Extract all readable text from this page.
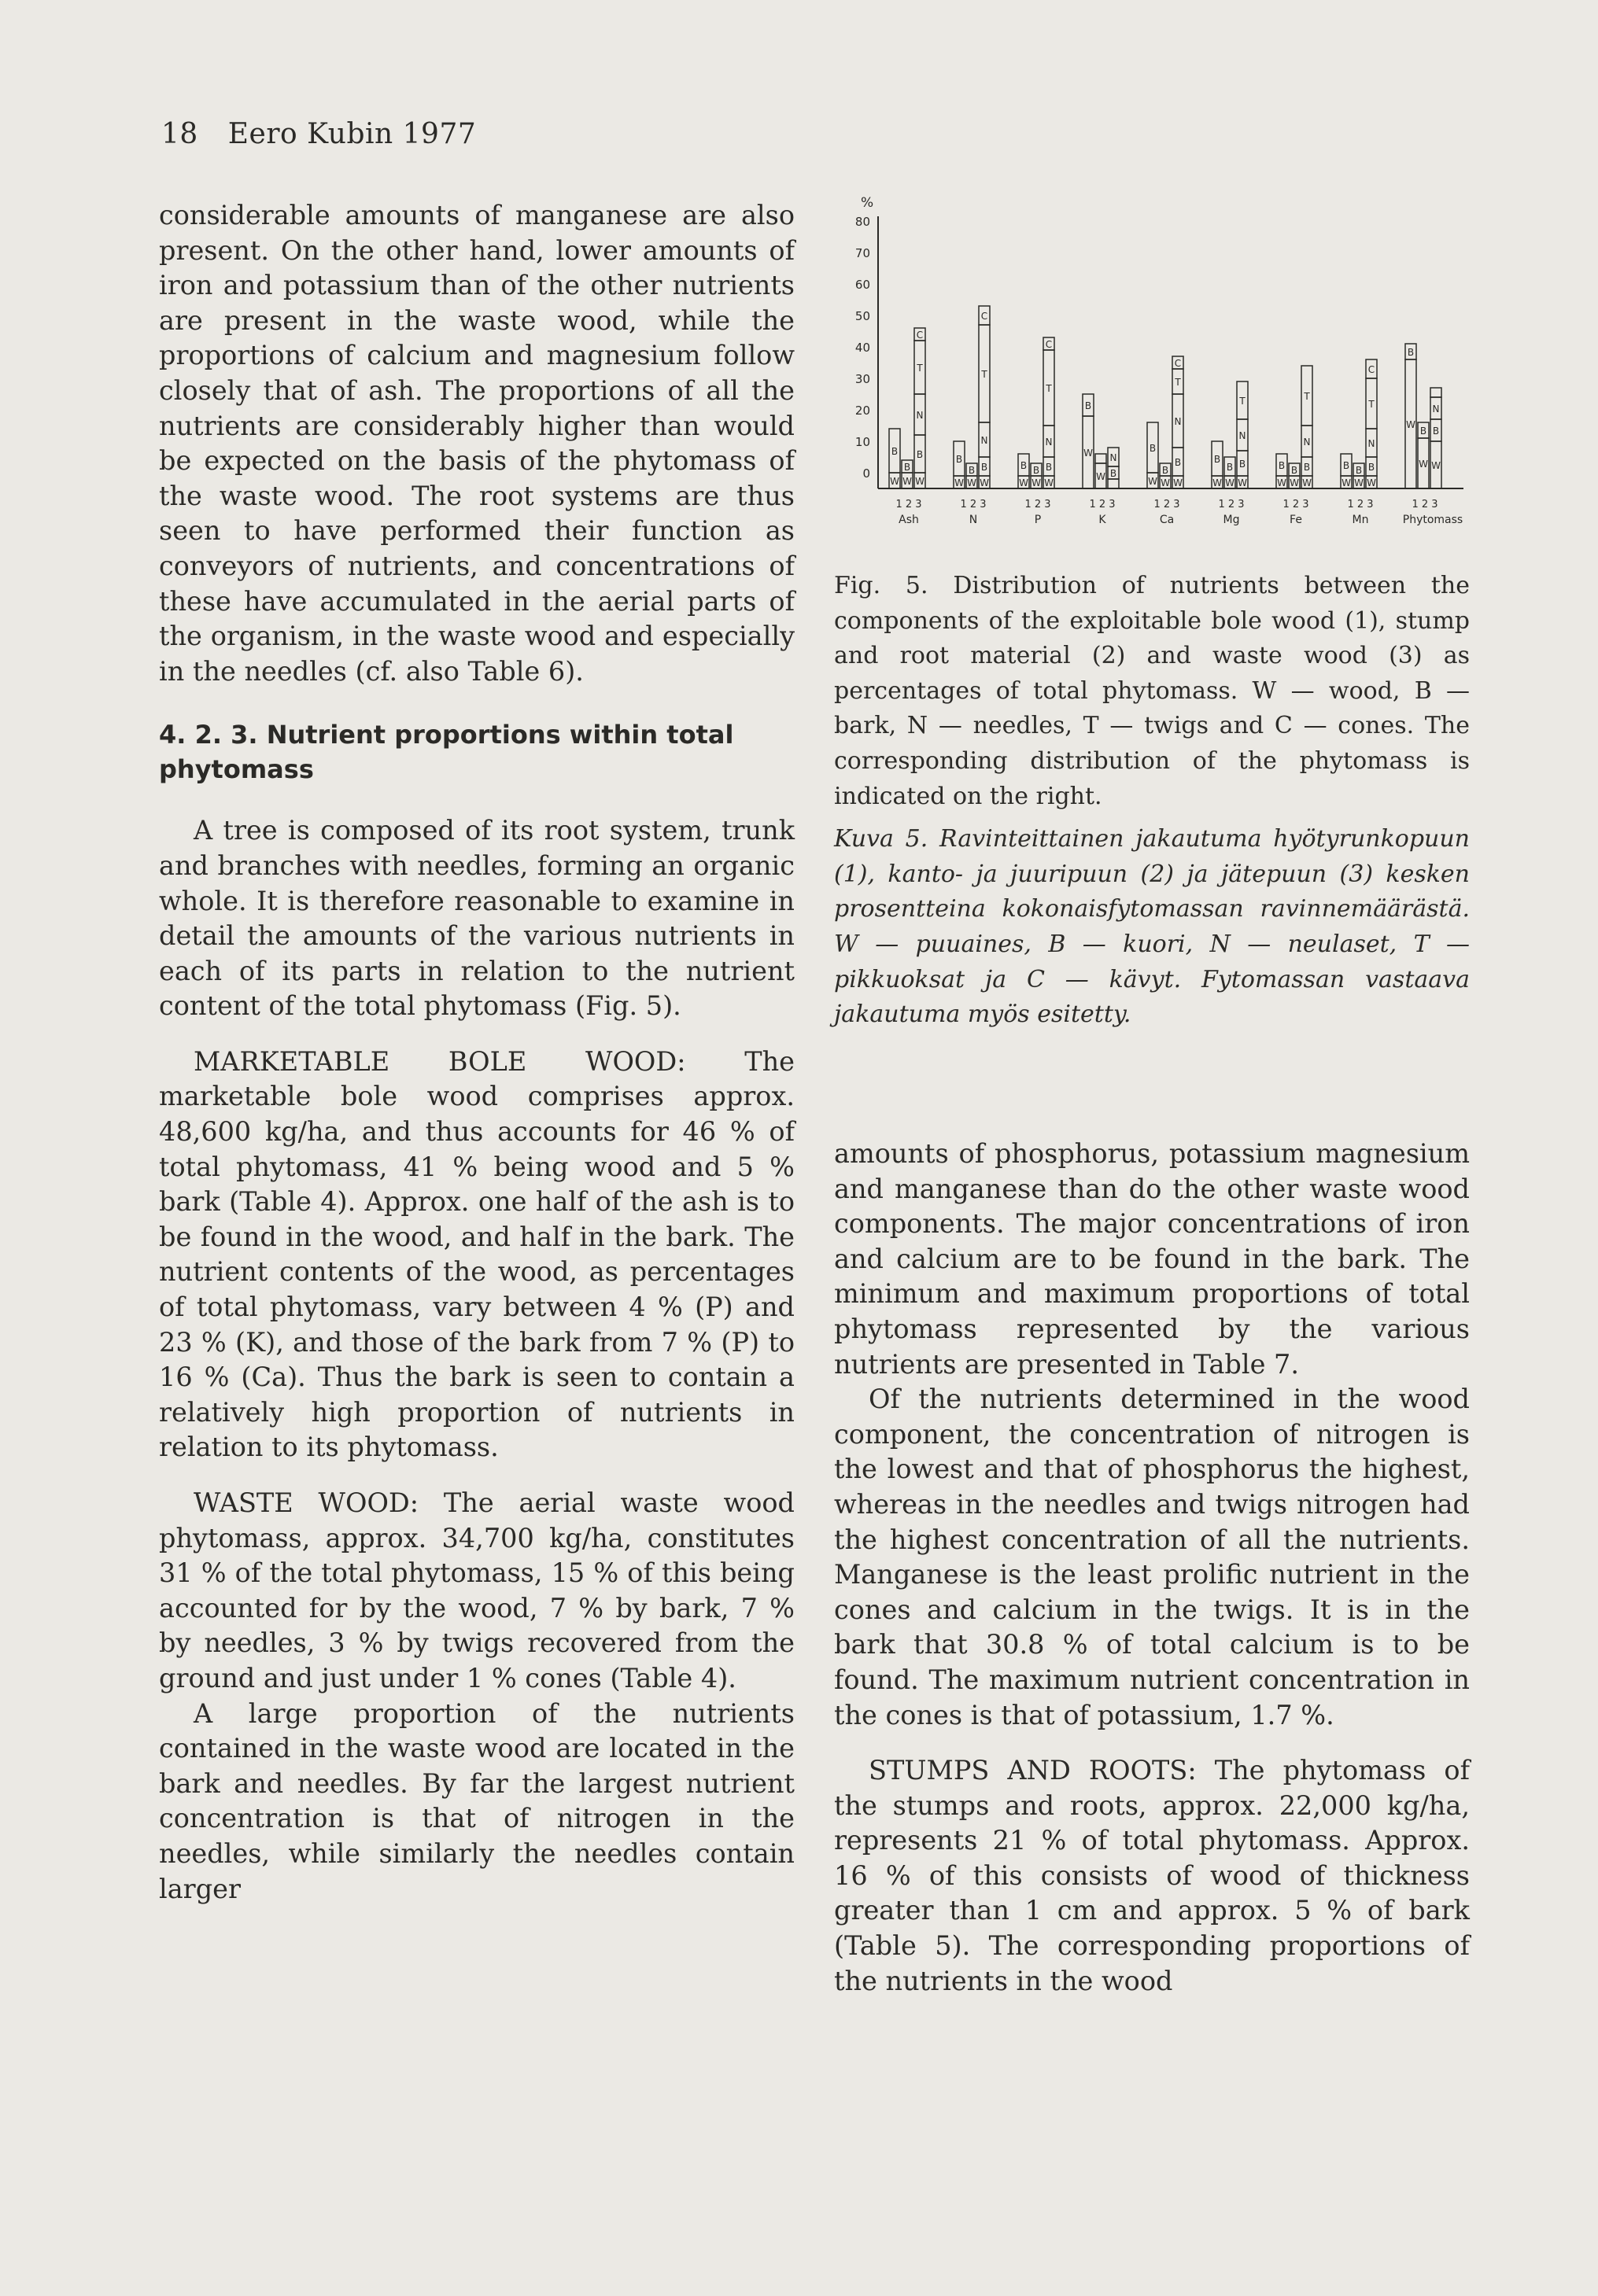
18 Eero Kubin 1977

considerable amounts of manganese are also present. On the other hand, lower amounts of iron and potassium than of the other nutrients are present in the waste wood, while the proportions of calcium and magnesium follow closely that of ash. The proportions of all the nutrients are considerably higher than would be expected on the basis of the phytomass of the waste wood. The root systems are thus seen to have performed their function as conveyors of nutrients, and concentrations of these have accumulated in the aerial parts of the organism, in the waste wood and especially in the needles (cf. also Table 6).

4. 2. 3. Nutrient proportions within total phytomass

A tree is composed of its root system, trunk and branches with needles, forming an organic whole. It is therefore reasonable to examine in detail the amounts of the various nutrients in each of its parts in relation to the nutrient content of the total phytomass (Fig. 5).

MARKETABLE BOLE WOOD: The marketable bole wood comprises approx. 48,600 kg/ha, and thus accounts for 46 % of total phytomass, 41 % being wood and 5 % bark (Table 4). Approx. one half of the ash is to be found in the wood, and half in the bark. The nutrient contents of the wood, as percentages of total phytomass, vary between 4 % (P) and 23 % (K), and those of the bark from 7 % (P) to 16 % (Ca). Thus the bark is seen to contain a relatively high proportion of nutrients in relation to its phytomass.

WASTE WOOD: The aerial waste wood phytomass, approx. 34,700 kg/ha, constitutes 31 % of the total phytomass, 15 % of this being accounted for by the wood, 7 % by bark, 7 % by needles, 3 % by twigs recovered from the ground and just under 1 % cones (Table 4).

A large proportion of the nutrients contained in the waste wood are located in the bark and needles. By far the largest nutrient concentration is that of nitrogen in the needles, while similarly the needles contain larger

%
80
70
60
50
40
30
20
10
0
W
B
W
B
W
B
N
T
C
W
B
W
B
W
B
N
T
C
W
B
W
B
W
B
N
T
C
W
B
W B
N
W
B
W
B
W
B
N
T
C
W
B
W
B
W
B
N
T
W
B
W
B
W
B
N
T
W
B
W
B
W
B
N
T
C
W
B
W
B
W
B
N
1 2 3	1 2 3	1 2 3	1 2 3	1 2 3	1 2 3	1 2 3	1 2 3	1 2 3
Ash	N	P	K	Ca	Mg	Fe	Mn	Phytomass

Fig. 5. Distribution of nutrients between the components of the exploitable bole wood (1), stump and root material (2) and waste wood (3) as percentages of total phytomass. W — wood, B — bark, N — needles, T — twigs and C — cones. The corresponding distribution of the phytomass is indicated on the right.

Kuva 5. Ravinteittainen jakautuma hyötyrunkopuun (1), kanto- ja juuripuun (2) ja jätepuun (3) kesken prosentteina kokonaisfytomassan ravinnemäärästä. W — puuaines, B — kuori, N — neulaset, T — pikkuoksat ja C — kävyt. Fytomassan vastaava jakautuma myös esitetty.

amounts of phosphorus, potassium magnesium and manganese than do the other waste wood components. The major concentrations of iron and calcium are to be found in the bark. The minimum and maximum proportions of total phytomass represented by the various nutrients are presented in Table 7.

Of the nutrients determined in the wood component, the concentration of nitrogen is the lowest and that of phosphorus the highest, whereas in the needles and twigs nitrogen had the highest concentration of all the nutrients. Manganese is the least prolific nutrient in the cones and calcium in the twigs. It is in the bark that 30.8 % of total calcium is to be found. The maximum nutrient concentration in the cones is that of potassium, 1.7 %.

STUMPS AND ROOTS: The phytomass of the stumps and roots, approx. 22,000 kg/ha, represents 21 % of total phytomass. Approx. 16 % of this consists of wood of thickness greater than 1 cm and approx. 5 % of bark (Table 5). The corresponding proportions of the nutrients in the wood
